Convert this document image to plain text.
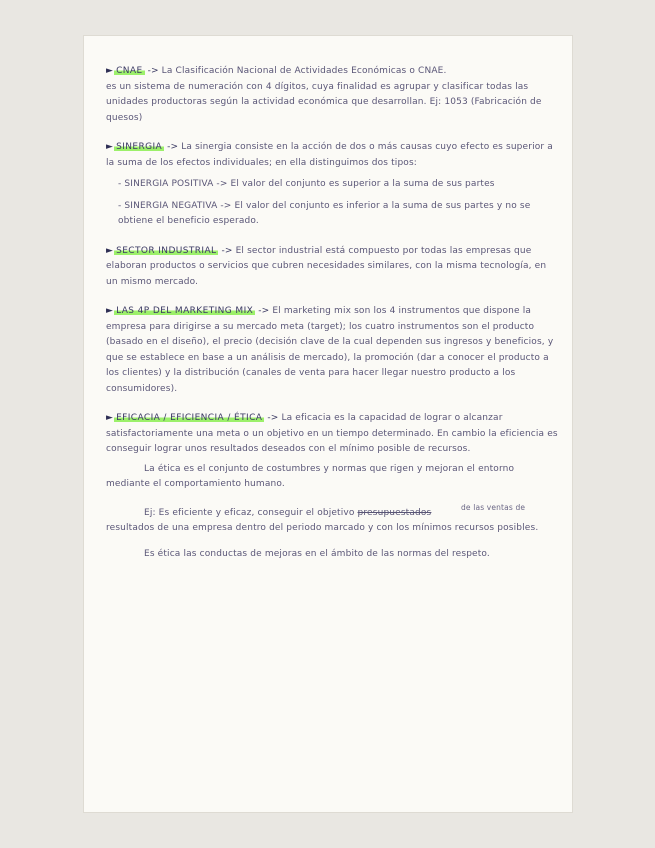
► CNAE -> La Clasificación Nacional de Actividades Económicas o CNAE.
es un sistema de numeración con 4 dígitos, cuya finalidad es agrupar y clasificar todas las unidades productoras según la actividad económica que desarrollan. Ej: 1053 (Fabricación de quesos)
► SINERGIA -> La sinergia consiste en la acción de dos o más causas cuyo efecto es superior a la suma de los efectos individuales; en ella distinguimos dos tipos:
- SINERGIA POSITIVA -> El valor del conjunto es superior a la suma de sus partes
- SINERGIA NEGATIVA -> El valor del conjunto es inferior a la suma de sus partes y no se obtiene el beneficio esperado.
► SECTOR INDUSTRIAL -> El sector industrial está compuesto por todas las empresas que elaboran productos o servicios que cubren necesidades similares, con la misma tecnología, en un mismo mercado.
► LAS 4P DEL MARKETING MIX -> El marketing mix son los 4 instrumentos que dispone la empresa para dirigirse a su mercado meta (target); los cuatro instrumentos son el producto (basado en el diseño), el precio (decisión clave de la cual dependen sus ingresos y beneficios, y que se establece en base a un análisis de mercado), la promoción (dar a conocer el producto a los clientes) y la distribución (canales de venta para hacer llegar nuestro producto a los consumidores).
► EFICACIA / EFICIENCIA / ÉTICA -> La eficacia es la capacidad de lograr o alcanzar satisfactoriamente una meta o un objetivo en un tiempo determinado. En cambio la eficiencia es conseguir lograr unos resultados deseados con el mínimo posible de recursos.
La ética es el conjunto de costumbres y normas que rigen y mejoran el entorno mediante el comportamiento humano.
de las ventas de
Ej: Es eficiente y eficaz, conseguir el objetivo presupuestados
resultados de una empresa dentro del periodo marcado y con los mínimos recursos posibles.
Es ética las conductas de mejoras en el ámbito de las normas del respeto.
